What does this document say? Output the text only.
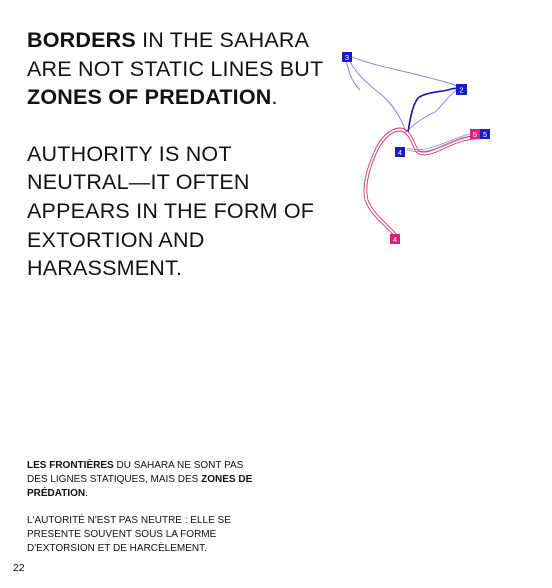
BORDERS IN THE SAHARA ARE NOT STATIC LINES BUT ZONES OF PREDATION.

AUTHORITY IS NOT NEUTRAL—IT OFTEN APPEARS IN THE FORM OF EXTORTION AND HARASSMENT.

3
2
4
5 5
4

LES FRONTIÈRES DU SAHARA NE SONT PAS DES LIGNES STATIQUES, MAIS DES ZONES DE PRÉDATION.

L'AUTORITÉ N'EST PAS NEUTRE : ELLE SE PRESENTE SOUVENT SOUS LA FORME D'EXTORSION ET DE HARCÈLEMENT.

22
